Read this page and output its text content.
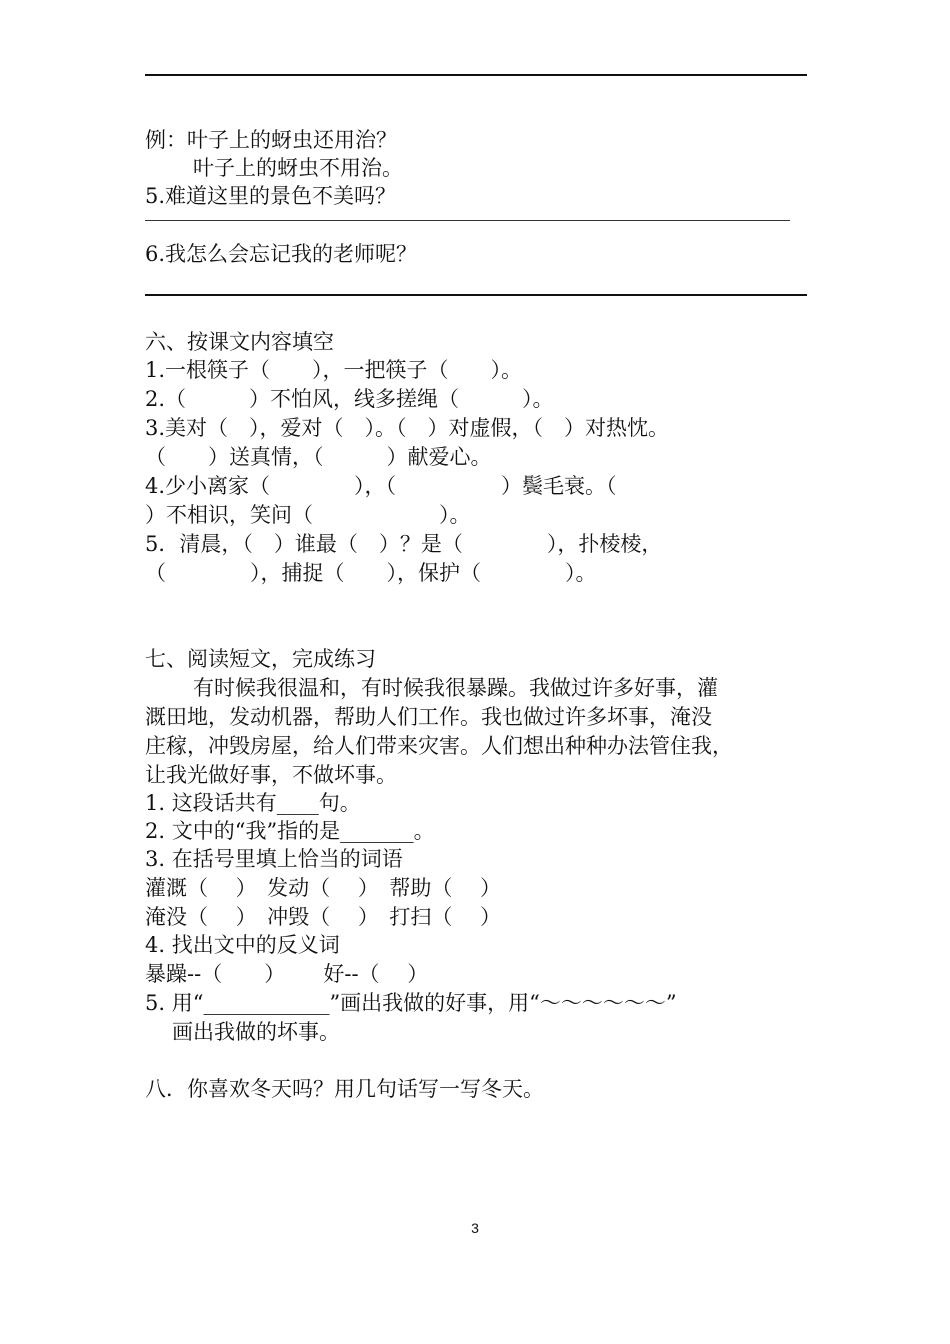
例：叶子上的蚜虫还用治？
叶子上的蚜虫不用治。
5.难道这里的景色不美吗？
6.我怎么会忘记我的老师呢？
六、按课文内容填空
1.一根筷子（　　），一把筷子（　　）。
2.（　　　）不怕风，线多搓绳（　　　）。
3.美对（　），爱对（　）。（　）对虚假，（　）对热忱。
（　　）送真情，（　　　）献爱心。
4.少小离家（　　　　），（　　　　　）鬓毛衰。（
）不相识，笑问（　　　　　　）。
5．清晨，（　）谁最（　）？是（　　　　），扑棱棱，
（　　　　），捕捉（　　），保护（　　　　）。
七、阅读短文，完成练习
有时候我很温和，有时候我很暴躁。我做过许多好事，灌
溉田地，发动机器，帮助人们工作。我也做过许多坏事，淹没
庄稼，冲毁房屋，给人们带来灾害。人们想出种种办法管住我，
让我光做好事，不做坏事。
1. 这段话共有____句。
2. 文中的“我”指的是_______。
3. 在括号里填上恰当的词语
灌溉（　 ）　发动（　 ）　帮助（　 ）
淹没（　 ）　冲毁（　 ）　打扫（　 ）
4. 找出文中的反义词
暴躁--（　　）　　 好--（　 ）
5. 用“____________”画出我做的好事，用“～～～～～～”
画出我做的坏事。
八．你喜欢冬天吗？用几句话写一写冬天。
3
